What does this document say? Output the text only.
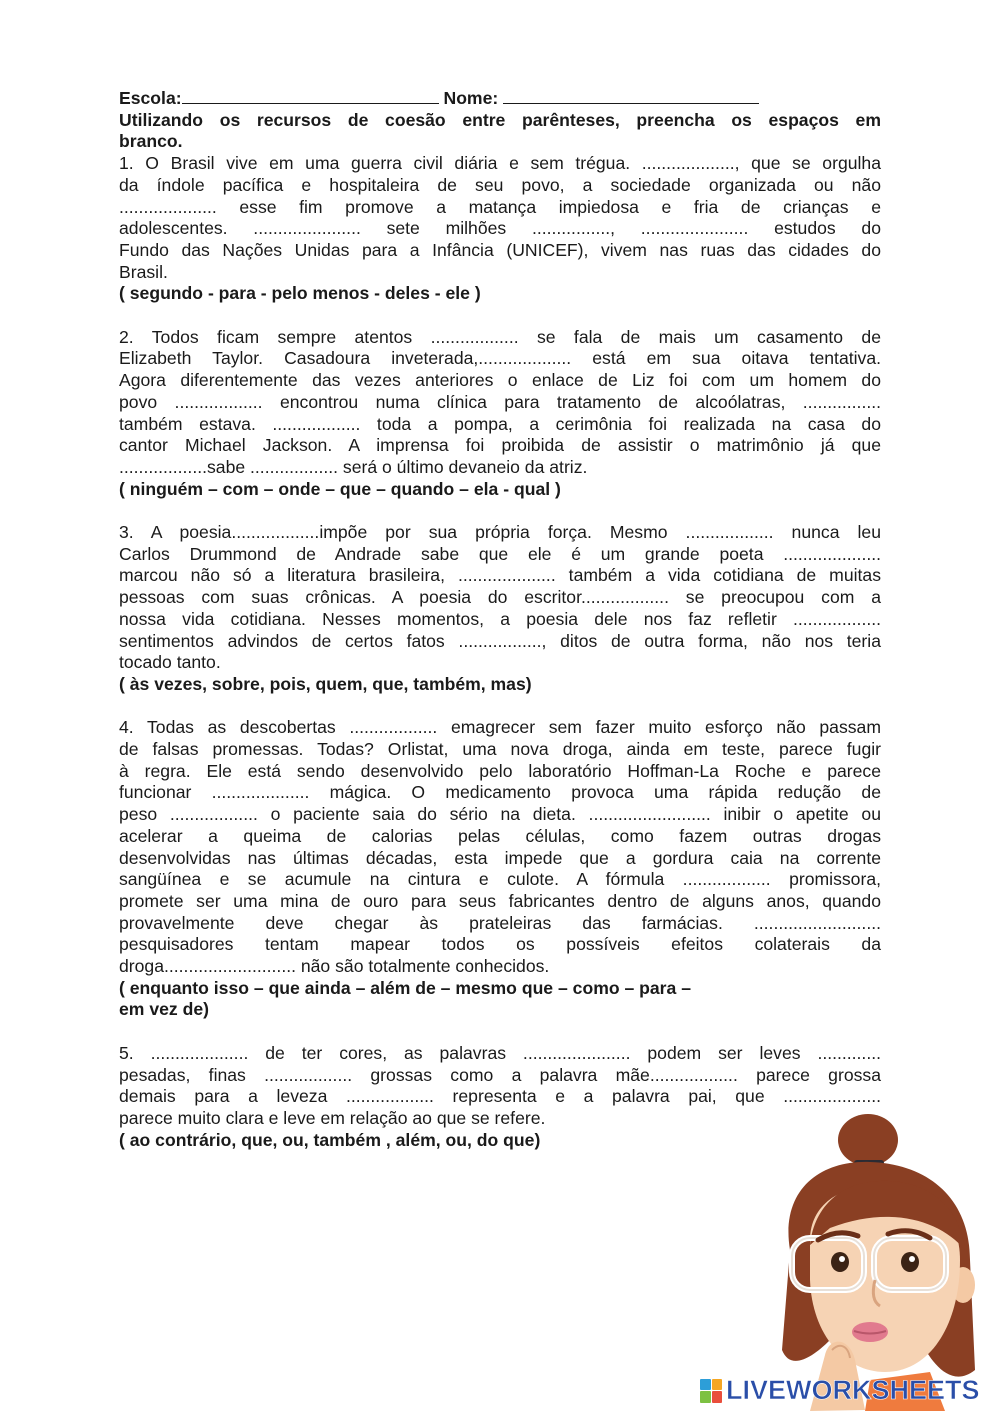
Escola:	Nome:
Utilizando os recursos de coesão entre parênteses, preencha os espaços em
branco.
1. O Brasil vive em uma guerra civil diária e sem trégua. ..................., que se orgulha
da índole pacífica e hospitaleira de seu povo, a sociedade organizada ou não
.................... esse fim promove a matança impiedosa e fria de crianças e
adolescentes. ...................... sete milhões ................, ...................... estudos do
Fundo das Nações Unidas para a Infância (UNICEF), vivem nas ruas das cidades do
Brasil.
( segundo - para - pelo menos - deles - ele )
2. Todos ficam sempre atentos .................. se fala de mais um casamento de
Elizabeth Taylor. Casadoura inveterada,................... está em sua oitava tentativa.
Agora diferentemente das vezes anteriores o enlace de Liz foi com um homem do
povo .................. encontrou numa clínica para tratamento de alcoólatras, ................
também estava. .................. toda a pompa, a cerimônia foi realizada na casa do
cantor Michael Jackson. A imprensa foi proibida de assistir o matrimônio já que
..................sabe .................. será o último devaneio da atriz.
( ninguém – com – onde – que – quando – ela - qual )
3. A poesia..................impõe por sua própria força. Mesmo .................. nunca leu
Carlos Drummond de Andrade sabe que ele é um grande poeta ....................
marcou não só a literatura brasileira, .................... também a vida cotidiana de muitas
pessoas com suas crônicas. A poesia do escritor.................. se preocupou com a
nossa vida cotidiana. Nesses momentos, a poesia dele nos faz refletir ..................
sentimentos advindos de certos fatos ................., ditos de outra forma, não nos teria
tocado tanto.
( às vezes, sobre, pois, quem, que, também, mas)
4. Todas as descobertas .................. emagrecer sem fazer muito esforço não passam
de falsas promessas. Todas? Orlistat, uma nova droga, ainda em teste, parece fugir
à regra. Ele está sendo desenvolvido pelo laboratório Hoffman-La Roche e parece
funcionar .................... mágica. O medicamento provoca uma rápida redução de
peso .................. o paciente saia do sério na dieta. ......................... inibir o apetite ou
acelerar a queima de calorias pelas células, como fazem outras drogas
desenvolvidas nas últimas décadas, esta impede que a gordura caia na corrente
sangüínea e se acumule na cintura e culote. A fórmula .................. promissora,
promete ser uma mina de ouro para seus fabricantes dentro de alguns anos, quando
provavelmente deve chegar às prateleiras das farmácias. ..........................
pesquisadores tentam mapear todos os possíveis efeitos colaterais da
droga........................... não são totalmente conhecidos.
( enquanto isso – que ainda – além de – mesmo que – como – para –
em vez de)
5. .................... de ter cores, as palavras ...................... podem ser leves .............
pesadas, finas .................. grossas como a palavra mãe.................. parece grossa
demais para a leveza .................. representa e a palavra pai, que ....................
parece muito clara e leve em relação ao que se refere.
( ao contrário, que, ou, também , além, ou, do que)
LIVEWORKSHEETS
